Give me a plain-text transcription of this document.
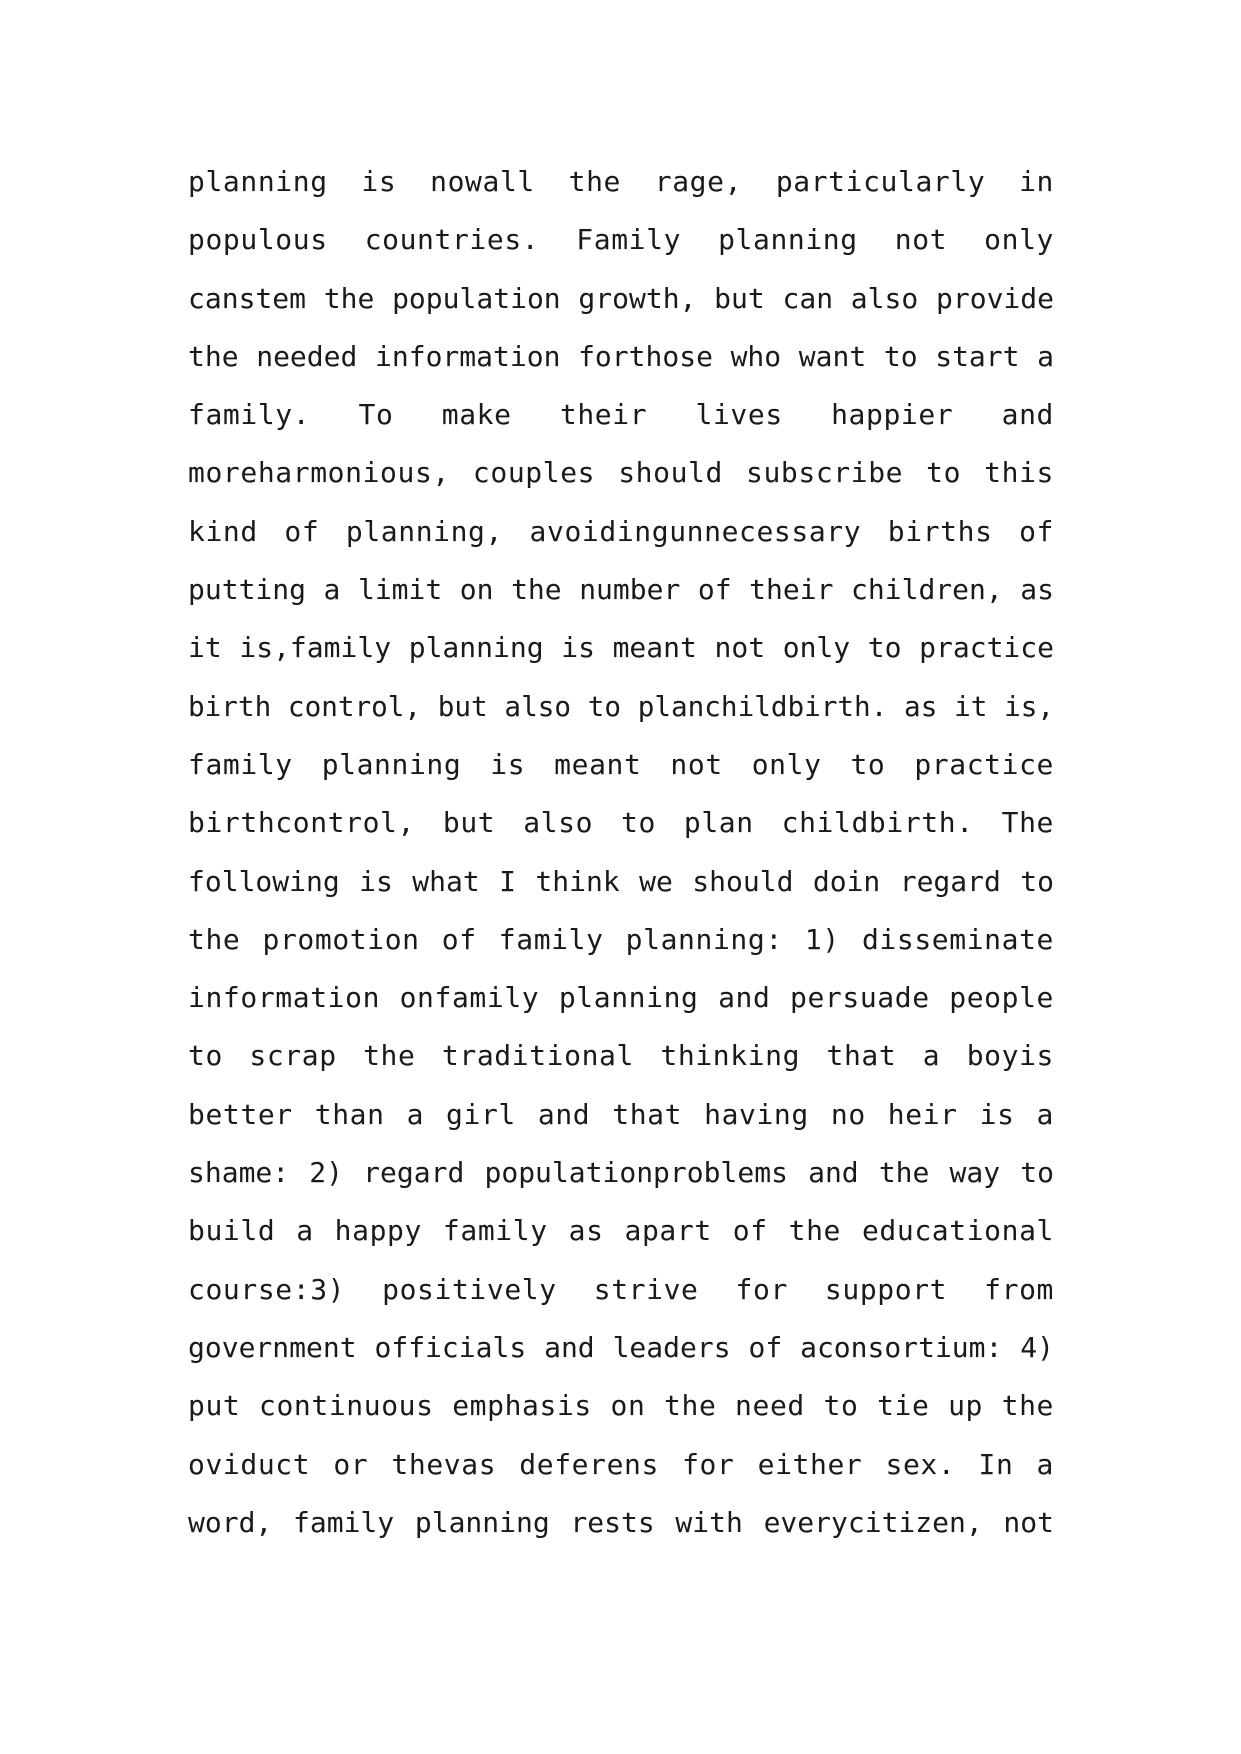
planning is nowall the rage, particularly in
populous countries. Family planning not only
canstem the population growth, but can also provide
the needed information forthose who want to start a
family. To make their lives happier and
moreharmonious, couples should subscribe to this
kind of planning, avoidingunnecessary births of
putting a limit on the number of their children, as
it is,family planning is meant not only to practice
birth control, but also to planchildbirth. as it is,
family planning is meant not only to practice
birthcontrol, but also to plan childbirth. The
following is what I think we should doin regard to
the promotion of family planning: 1) disseminate
information onfamily planning and persuade people
to scrap the traditional thinking that a boyis
better than a girl and that having no heir is a
shame: 2) regard populationproblems and the way to
build a happy family as apart of the educational
course:3) positively strive for support from
government officials and leaders of aconsortium: 4)
put continuous emphasis on the need to tie up the
oviduct or thevas deferens for either sex. In a
word, family planning rests with everycitizen, not
